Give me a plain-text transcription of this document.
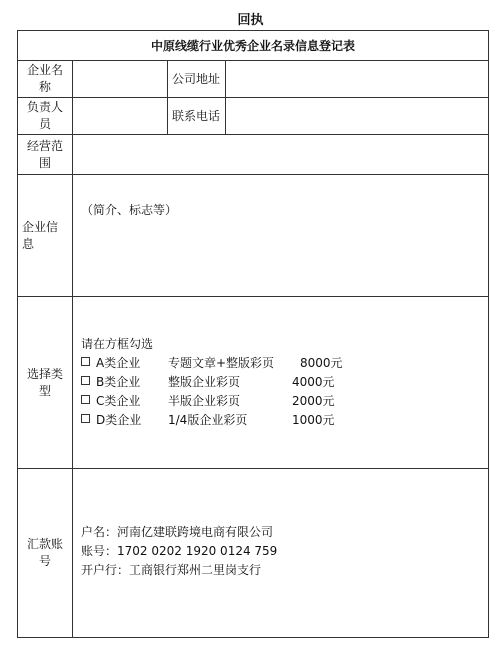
回执
中原线缆行业优秀企业名录信息登记表			
企业名称		公司地址	
负责人员		联系电话	
经营范围			
企业信息	（简介、标志等）		

选择类型	请在方框勾选
A类企业 专题文章+整版彩页 8000元
B类企业 整版企业彩页 4000元
C类企业 半版企业彩页 2000元
D类企业 1/4版企业彩页 1000元		

汇款账号	户名：河南亿建联跨境电商有限公司
账号：1702 0202 1920 0124 759
开户行：工商银行郑州二里岗支行		
